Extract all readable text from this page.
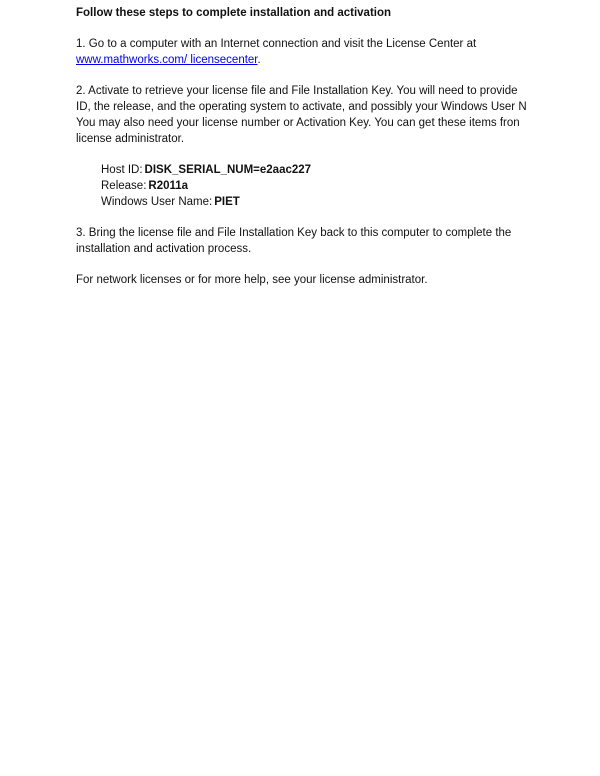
Follow these steps to complete installation and activation
1. Go to a computer with an Internet connection and visit the License Center at
www.mathworks.com/ licensecenter.
2. Activate to retrieve your license file and File Installation Key. You will need to provide
ID, the release, and the operating system to activate, and possibly your Windows User N
You may also need your license number or Activation Key. You can get these items fron
license administrator.
Host ID: DISK_SERIAL_NUM=e2aac227
Release: R2011a
Windows User Name: PIET
3. Bring the license file and File Installation Key back to this computer to complete the
installation and activation process.
For network licenses or for more help, see your license administrator.
